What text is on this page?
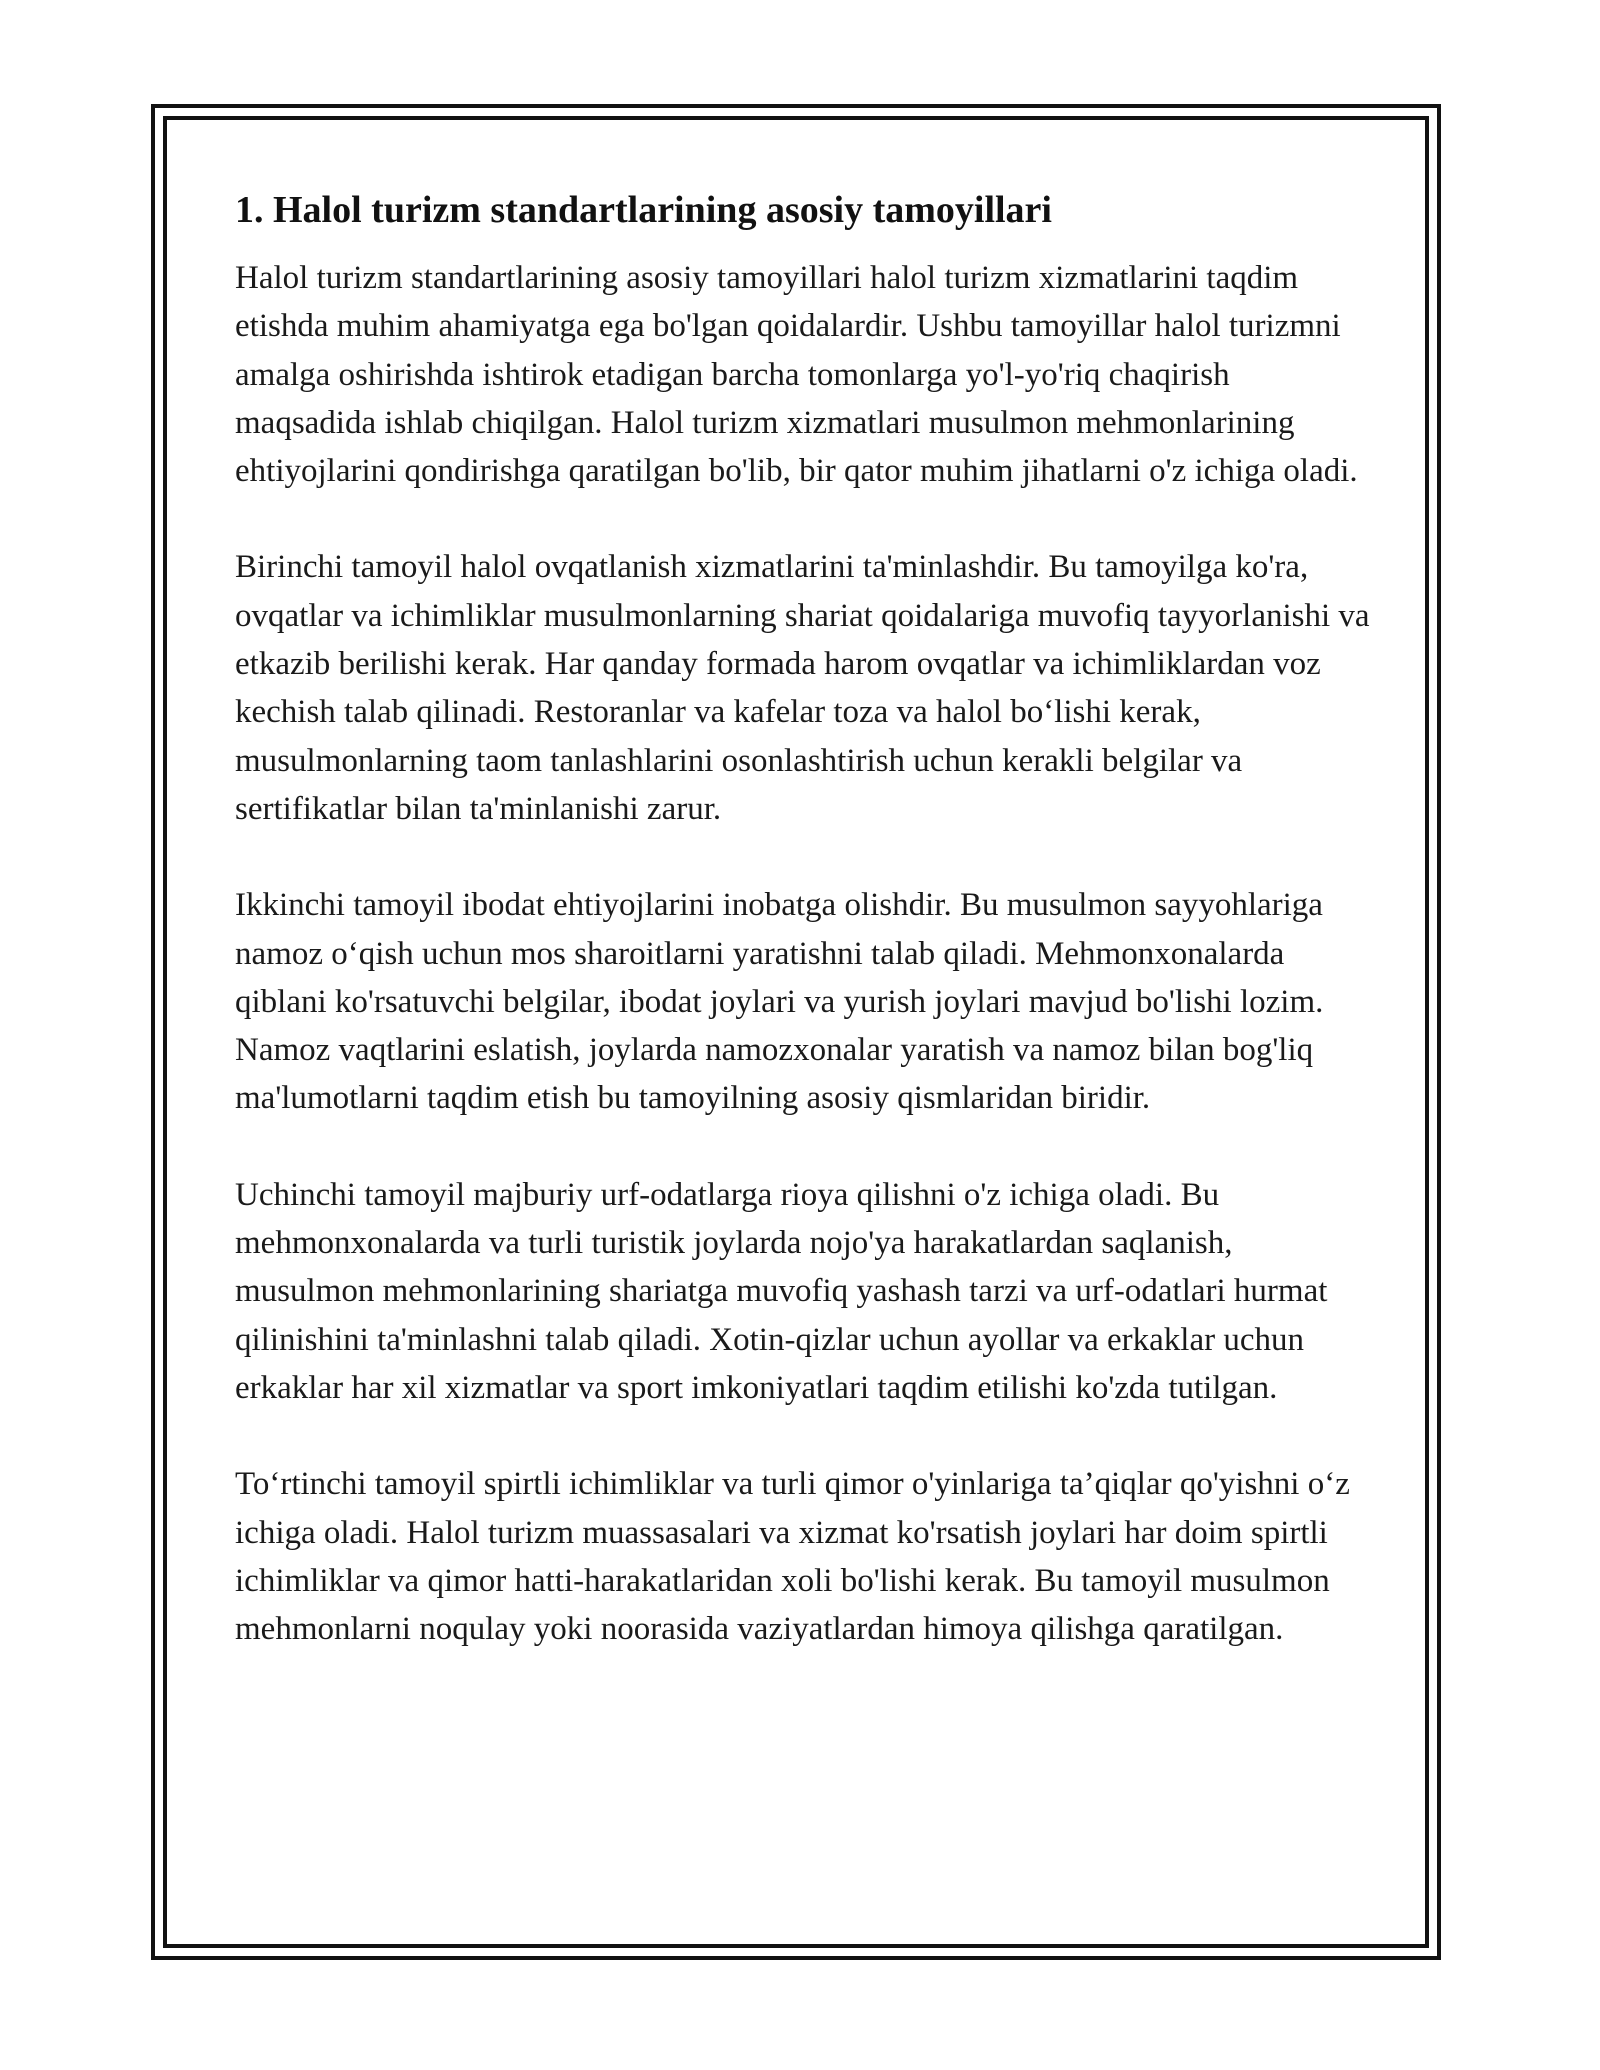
1. Halol turizm standartlarining asosiy tamoyillari

Halol turizm standartlarining asosiy tamoyillari halol turizm xizmatlarini taqdim etishda muhim ahamiyatga ega bo'lgan qoidalardir. Ushbu tamoyillar halol turizmni amalga oshirishda ishtirok etadigan barcha tomonlarga yo'l-yo'riq chaqirish maqsadida ishlab chiqilgan. Halol turizm xizmatlari musulmon mehmonlarining ehtiyojlarini qondirishga qaratilgan bo'lib, bir qator muhim jihatlarni o'z ichiga oladi.

Birinchi tamoyil halol ovqatlanish xizmatlarini ta'minlashdir. Bu tamoyilga ko'ra, ovqatlar va ichimliklar musulmonlarning shariat qoidalariga muvofiq tayyorlanishi va etkazib berilishi kerak. Har qanday formada harom ovqatlar va ichimliklardan voz kechish talab qilinadi. Restoranlar va kafelar toza va halol bo‘lishi kerak, musulmonlarning taom tanlashlarini osonlashtirish uchun kerakli belgilar va sertifikatlar bilan ta'minlanishi zarur.

Ikkinchi tamoyil ibodat ehtiyojlarini inobatga olishdir. Bu musulmon sayyohlariga namoz o‘qish uchun mos sharoitlarni yaratishni talab qiladi. Mehmonxonalarda qiblani ko'rsatuvchi belgilar, ibodat joylari va yurish joylari mavjud bo'lishi lozim. Namoz vaqtlarini eslatish, joylarda namozxonalar yaratish va namoz bilan bog'liq ma'lumotlarni taqdim etish bu tamoyilning asosiy qismlaridan biridir.

Uchinchi tamoyil majburiy urf-odatlarga rioya qilishni o'z ichiga oladi. Bu mehmonxonalarda va turli turistik joylarda nojo'ya harakatlardan saqlanish, musulmon mehmonlarining shariatga muvofiq yashash tarzi va urf-odatlari hurmat qilinishini ta'minlashni talab qiladi. Xotin-qizlar uchun ayollar va erkaklar uchun erkaklar har xil xizmatlar va sport imkoniyatlari taqdim etilishi ko'zda tutilgan.

To‘rtinchi tamoyil spirtli ichimliklar va turli qimor o'yinlariga ta’qiqlar qo'yishni o‘z ichiga oladi. Halol turizm muassasalari va xizmat ko'rsatish joylari har doim spirtli ichimliklar va qimor hatti-harakatlaridan xoli bo'lishi kerak. Bu tamoyil musulmon mehmonlarni noqulay yoki noorasida vaziyatlardan himoya qilishga qaratilgan.
